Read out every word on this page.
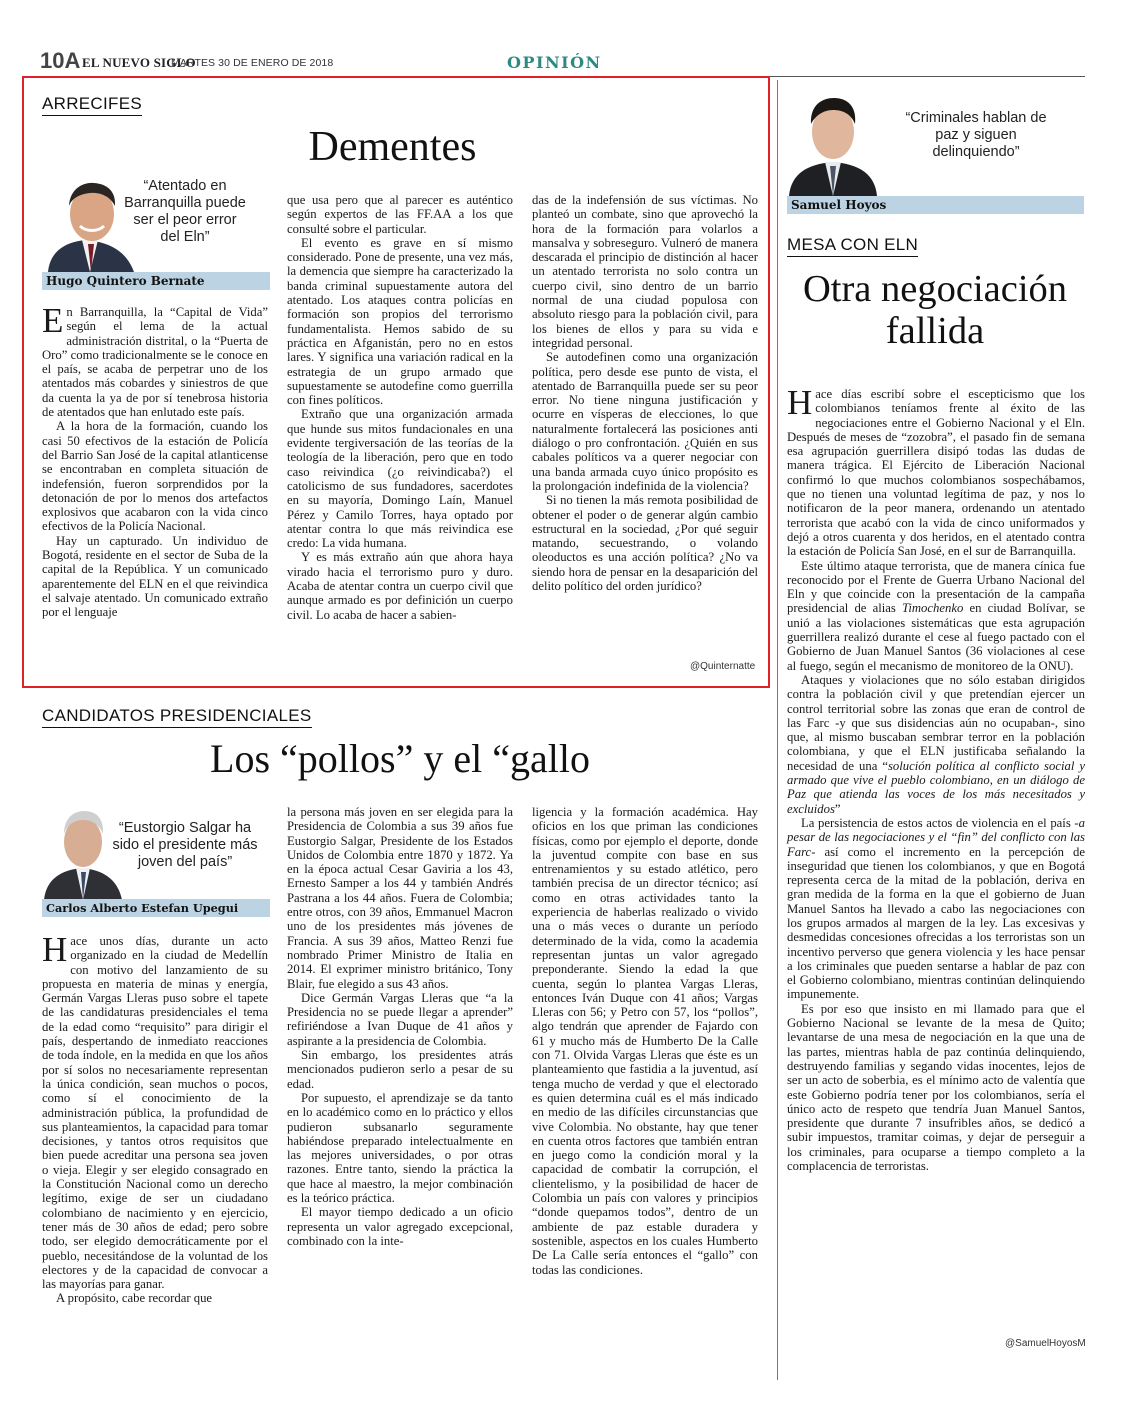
10A EL NUEVO SIGLO
MARTES 30 DE ENERO DE 2018	OPINIÓN
ARRECIFES
Dementes
“Atentado en Barranquilla puede ser el peor error del Eln”
Hugo Quintero Bernate

En Barranquilla, la “Capital de Vida” según el lema de la actual administración distrital, o la “Puerta de Oro” como tradicionalmente se le conoce en el país, se acaba de perpetrar uno de los atentados más cobardes y siniestros de que da cuenta la ya de por sí tenebrosa historia de atentados que han enlutado este país.

A la hora de la formación, cuando los casi 50 efectivos de la estación de Policía del Barrio San José de la capital atlanticense se encontraban en completa situación de indefensión, fueron sorprendidos por la detonación de por lo menos dos artefactos explosivos que acabaron con la vida cinco efectivos de la Policía Nacional.

Hay un capturado. Un individuo de Bogotá, residente en el sector de Suba de la capital de la República. Y un comunicado aparentemente del ELN en el que reivindica el salvaje atentado. Un comunicado extraño por el lenguaje

que usa pero que al parecer es auténtico según expertos de las FF.AA a los que consulté sobre el particular.

El evento es grave en sí mismo considerado. Pone de presente, una vez más, la demencia que siempre ha caracterizado la banda criminal supuestamente autora del atentado. Los ataques contra policías en formación son propios del terrorismo fundamentalista. Hemos sabido de su práctica en Afganistán, pero no en estos lares. Y significa una variación radical en la estrategia de un grupo armado que supuestamente se autodefine como guerrilla con fines políticos.

Extraño que una organización armada que hunde sus mitos fundacionales en una evidente tergiversación de las teorías de la teología de la liberación, pero que en todo caso reivindica (¿o reivindicaba?) el catolicismo de sus fundadores, sacerdotes en su mayoría, Domingo Laín, Manuel Pérez y Camilo Torres, haya optado por atentar contra lo que más reivindica ese credo: La vida humana.

Y es más extraño aún que ahora haya virado hacia el terrorismo puro y duro. Acaba de atentar contra un cuerpo civil que aunque armado es por definición un cuerpo civil. Lo acaba de hacer a sabien-

das de la indefensión de sus víctimas. No planteó un combate, sino que aprovechó la hora de la formación para volarlos a mansalva y sobreseguro. Vulneró de manera descarada el principio de distinción al hacer un atentado terrorista no solo contra un cuerpo civil, sino dentro de un barrio normal de una ciudad populosa con absoluto riesgo para la población civil, para los bienes de ellos y para su vida e integridad personal.

Se autodefinen como una organización política, pero desde ese punto de vista, el atentado de Barranquilla puede ser su peor error. No tiene ninguna justificación y ocurre en vísperas de elecciones, lo que naturalmente fortalecerá las posiciones anti diálogo o pro confrontación. ¿Quién en sus cabales políticos va a querer negociar con una banda armada cuyo único propósito es la prolongación indefinida de la violencia?

Si no tienen la más remota posibilidad de obtener el poder o de generar algún cambio estructural en la sociedad, ¿Por qué seguir matando, secuestrando, o volando oleoductos es una acción política? ¿No va siendo hora de pensar en la desaparición del delito político del orden jurídico?

@Quinternatte
CANDIDATOS PRESIDENCIALES
Los “pollos” y el “gallo
“Eustorgio Salgar ha sido el presidente más joven del país”
Carlos Alberto Estefan Upegui

Hace unos días, durante un acto organizado en la ciudad de Medellín con motivo del lanzamiento de su propuesta en materia de minas y energía, Germán Vargas Lleras puso sobre el tapete de las candidaturas presidenciales el tema de la edad como “requisito” para dirigir el país, despertando de inmediato reacciones de toda índole, en la medida en que los años por sí solos no necesariamente representan la única condición, sean muchos o pocos, como sí el conocimiento de la administración pública, la profundidad de sus planteamientos, la capacidad para tomar decisiones, y tantos otros requisitos que bien puede acreditar una persona sea joven o vieja. Elegir y ser elegido consagrado en la Constitución Nacional como un derecho legítimo, exige de ser un ciudadano colombiano de nacimiento y en ejercicio, tener más de 30 años de edad; pero sobre todo, ser elegido democráticamente por el pueblo, necesitándose de la voluntad de los electores y de la capacidad de convocar a las mayorías para ganar.

A propósito, cabe recordar que

la persona más joven en ser elegida para la Presidencia de Colombia a sus 39 años fue Eustorgio Salgar, Presidente de los Estados Unidos de Colombia entre 1870 y 1872. Ya en la época actual Cesar Gaviria a los 43, Ernesto Samper a los 44 y también Andrés Pastrana a los 44 años. Fuera de Colombia; entre otros, con 39 años, Emmanuel Macron uno de los presidentes más jóvenes de Francia. A sus 39 años, Matteo Renzi fue nombrado Primer Ministro de Italia en 2014. El exprimer ministro británico, Tony Blair, fue elegido a sus 43 años.

Dice Germán Vargas Lleras que “a la Presidencia no se puede llegar a aprender” refiriéndose a Ivan Duque de 41 años y aspirante a la presidencia de Colombia.

Sin embargo, los presidentes atrás mencionados pudieron serlo a pesar de su edad.

Por supuesto, el aprendizaje se da tanto en lo académico como en lo práctico y ellos pudieron subsanarlo seguramente habiéndose preparado intelectualmente en las mejores universidades, o por otras razones. Entre tanto, siendo la práctica la que hace al maestro, la mejor combinación es la teórico práctica.

El mayor tiempo dedicado a un oficio representa un valor agregado excepcional, combinado con la inte-

ligencia y la formación académica. Hay oficios en los que priman las condiciones físicas, como por ejemplo el deporte, donde la juventud compite con base en sus entrenamientos y su estado atlético, pero también precisa de un director técnico; así como en otras actividades tanto la experiencia de haberlas realizado o vivido una o más veces o durante un período determinado de la vida, como la academia representan juntas un valor agregado preponderante. Siendo la edad la que cuenta, según lo plantea Vargas Lleras, entonces Iván Duque con 41 años; Vargas Lleras con 56; y Petro con 57, los “pollos”, algo tendrán que aprender de Fajardo con 61 y mucho más de Humberto De la Calle con 71. Olvida Vargas Lleras que éste es un planteamiento que fastidia a la juventud, así tenga mucho de verdad y que el electorado es quien determina cuál es el más indicado en medio de las difíciles circunstancias que vive Colombia. No obstante, hay que tener en cuenta otros factores que también entran en juego como la condición moral y la capacidad de combatir la corrupción, el clientelismo, y la posibilidad de hacer de Colombia un país con valores y principios “donde quepamos todos”, dentro de un ambiente de paz estable duradera y sostenible, aspectos en los cuales Humberto De La Calle sería entonces el “gallo” con todas las condiciones.

“Criminales hablan de paz y siguen delinquiendo”
Samuel Hoyos
MESA CON ELN
Otra negociación fallida

Hace días escribí sobre el escepticismo que los colombianos teníamos frente al éxito de las negociaciones entre el Gobierno Nacional y el Eln. Después de meses de “zozobra”, el pasado fin de semana esa agrupación guerrillera disipó todas las dudas de manera trágica. El Ejército de Liberación Nacional confirmó lo que muchos colombianos sospechábamos, que no tienen una voluntad legítima de paz, y nos lo notificaron de la peor manera, ordenando un atentado terrorista que acabó con la vida de cinco uniformados y dejó a otros cuarenta y dos heridos, en el atentado contra la estación de Policía San José, en el sur de Barranquilla.

Este último ataque terrorista, que de manera cínica fue reconocido por el Frente de Guerra Urbano Nacional del Eln y que coincide con la presentación de la campaña presidencial de alias Timochenko en ciudad Bolívar, se unió a las violaciones sistemáticas que esta agrupación guerrillera realizó durante el cese al fuego pactado con el Gobierno de Juan Manuel Santos (36 violaciones al cese al fuego, según el mecanismo de monitoreo de la ONU).

Ataques y violaciones que no sólo estaban dirigidos contra la población civil y que pretendían ejercer un control territorial sobre las zonas que eran de control de las Farc -y que sus disidencias aún no ocupaban-, sino que, al mismo buscaban sembrar terror en la población colombiana, y que el ELN justificaba señalando la necesidad de una “solución política al conflicto social y armado que vive el pueblo colombiano, en un diálogo de Paz que atienda las voces de los más necesitados y excluidos”

La persistencia de estos actos de violencia en el país -a pesar de las negociaciones y el “fin” del conflicto con las Farc- así como el incremento en la percepción de inseguridad que tienen los colombianos, y que en Bogotá representa cerca de la mitad de la población, deriva en gran medida de la forma en la que el gobierno de Juan Manuel Santos ha llevado a cabo las negociaciones con los grupos armados al margen de la ley. Las excesivas y desmedidas concesiones ofrecidas a los terroristas son un incentivo perverso que genera violencia y les hace pensar a los criminales que pueden sentarse a hablar de paz con el Gobierno colombiano, mientras continúan delinquiendo impunemente.

Es por eso que insisto en mi llamado para que el Gobierno Nacional se levante de la mesa de Quito; levantarse de una mesa de negociación en la que una de las partes, mientras habla de paz continúa delinquiendo, destruyendo familias y segando vidas inocentes, lejos de ser un acto de soberbia, es el mínimo acto de valentía que este Gobierno podría tener por los colombianos, sería el único acto de respeto que tendría Juan Manuel Santos, presidente que durante 7 insufribles años, se dedicó a subir impuestos, tramitar coimas, y dejar de perseguir a los criminales, para ocuparse a tiempo completo a la complacencia de terroristas.

@SamuelHoyosM
